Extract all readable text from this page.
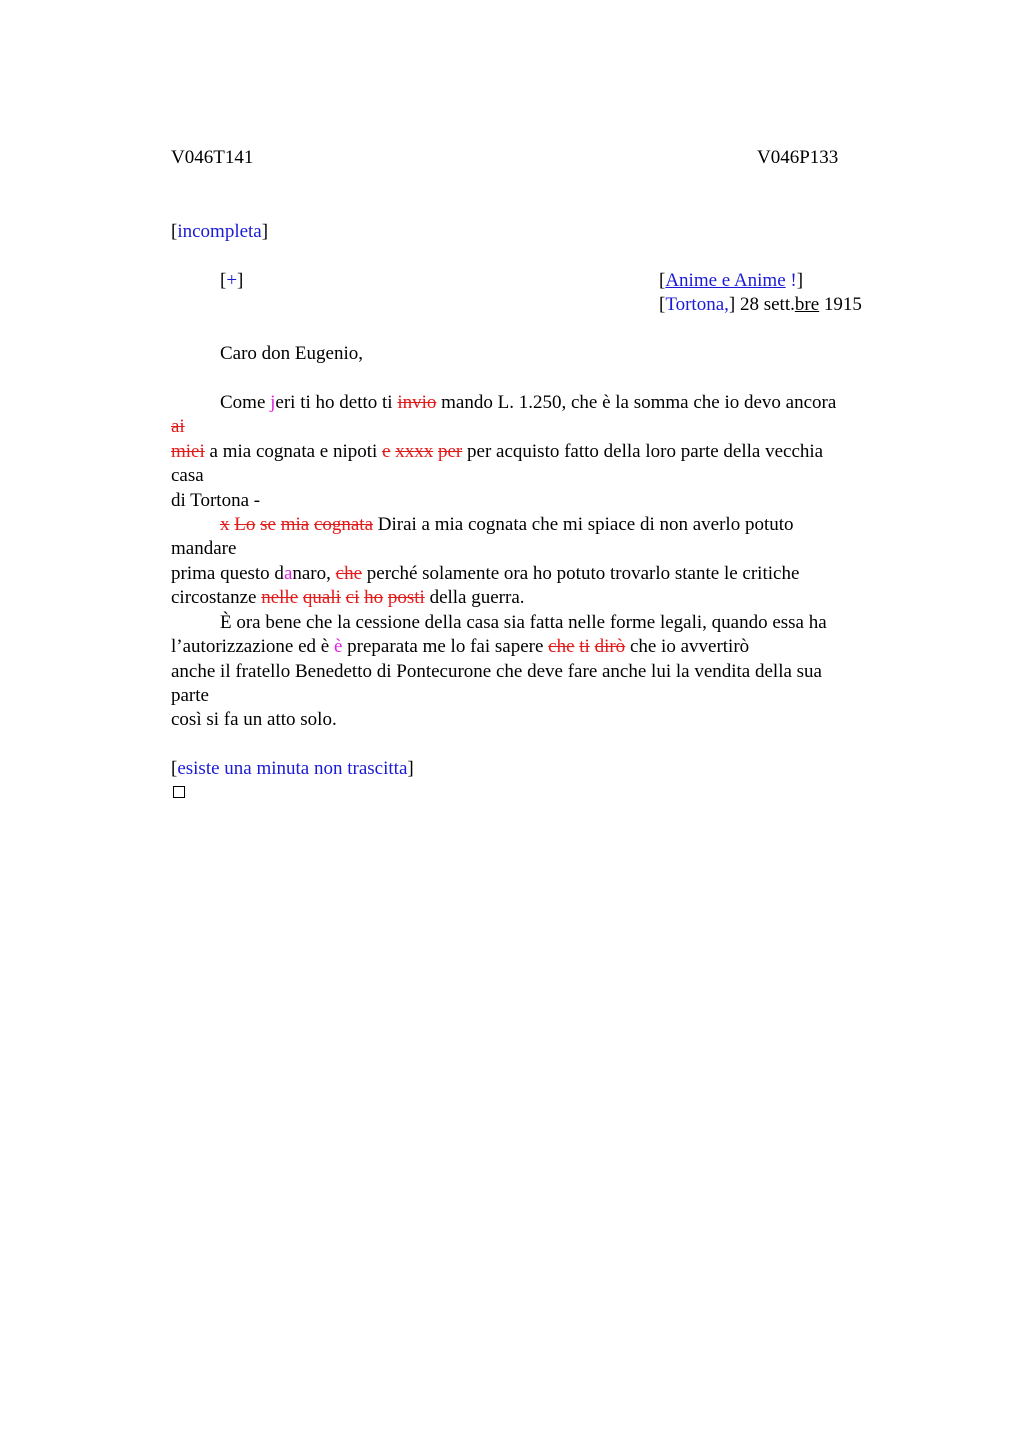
V046T141	V046P133
[incompleta]
[+]	[Anime e Anime !]
[Tortona,] 28 sett.bre 1915
Caro don Eugenio,
Come jeri ti ho detto ti invio mando L. 1.250, che è la somma che io devo ancora
ai
miei a mia cognata e nipoti e xxxx per per acquisto fatto della loro parte della vecchia
casa
di Tortona -
x Lo se mia cognata Dirai a mia cognata che mi spiace di non averlo potuto
mandare
prima questo danaro, che perché solamente ora ho potuto trovarlo stante le critiche
circostanze nelle quali ci ho posti della guerra.
È ora bene che la cessione della casa sia fatta nelle forme legali, quando essa ha
l’autorizzazione ed è è preparata me lo fai sapere che ti dirò che io avvertirò
anche il fratello Benedetto di Pontecurone che deve fare anche lui la vendita della sua
parte
così si fa un atto solo.
[esiste una minuta non trascitta]
